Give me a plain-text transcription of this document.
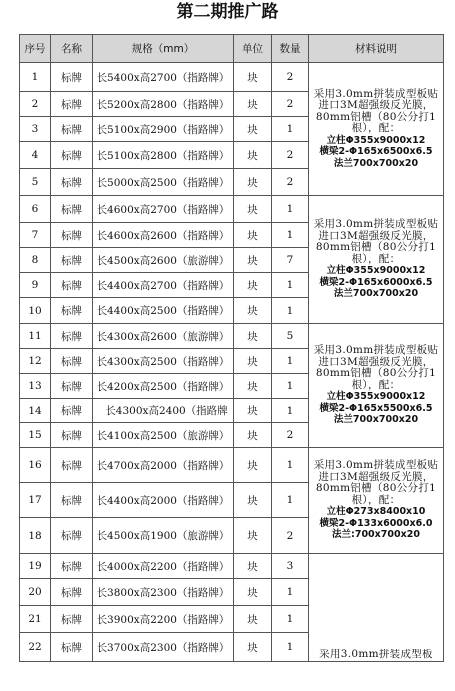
第二期推广路
序号	名称	规格（mm）	单位	数量	材料说明
1	标牌	长5400x高2700（指路牌）	块	2	采用3.0mm拼装成型板贴进口3M超强级反光膜，80mm铝槽（80公分打1根），配：
立柱Φ355x9000x12
横梁2-Φ165x6500x6.5
法兰700x700x20

2	标牌	长5200x高2800（指路牌）	块	2	
3	标牌	长5100x高2900（指路牌）	块	1	
4	标牌	长5100x高2800（指路牌）	块	2	
5	标牌	长5000x高2500（指路牌）	块	2	
6	标牌	长4600x高2700（指路牌）	块	1	采用3.0mm拼装成型板贴进口3M超强级反光膜，80mm铝槽（80公分打1根），配：
立柱Φ355x9000x12
横梁2-Φ165x6000x6.5
法兰700x700x20

7	标牌	长4600x高2600（指路牌）	块	1	
8	标牌	长4500x高2600（旅游牌）	块	7	
9	标牌	长4400x高2700（指路牌）	块	1	
10	标牌	长4400x高2500（指路牌）	块	1	
11	标牌	长4300x高2600（旅游牌）	块	5	采用3.0mm拼装成型板贴进口3M超强级反光膜，80mm铝槽（80公分打1根），配：
立柱Φ355x9000x12
横梁2-Φ165x5500x6.5
法兰700x700x20

12	标牌	长4300x高2500（指路牌）	块	1	
13	标牌	长4200x高2500（指路牌）	块	1	
14	标牌	长4300x高2400（指路牌	块	1	
15	标牌	长4100x高2500（旅游牌）	块	2	
16	标牌	长4700x高2000（指路牌）	块	1	采用3.0mm拼装成型板贴进口3M超强级反光膜，80mm铝槽（80公分打1根），配：
立柱Φ273x8400x10
横梁2-Φ133x6000x6.0
法兰:700x700x20

17	标牌	长4400x高2000（指路牌）	块	1	
18	标牌	长4500x高1900（旅游牌）	块	2	
19	标牌	长4000x高2200（指路牌）	块	3	采用3.0mm拼装成型板

20	标牌	长3800x高2300（指路牌）	块	1	
21	标牌	长3900x高2200（指路牌）	块	1	
22	标牌	长3700x高2300（指路牌）	块	1	
